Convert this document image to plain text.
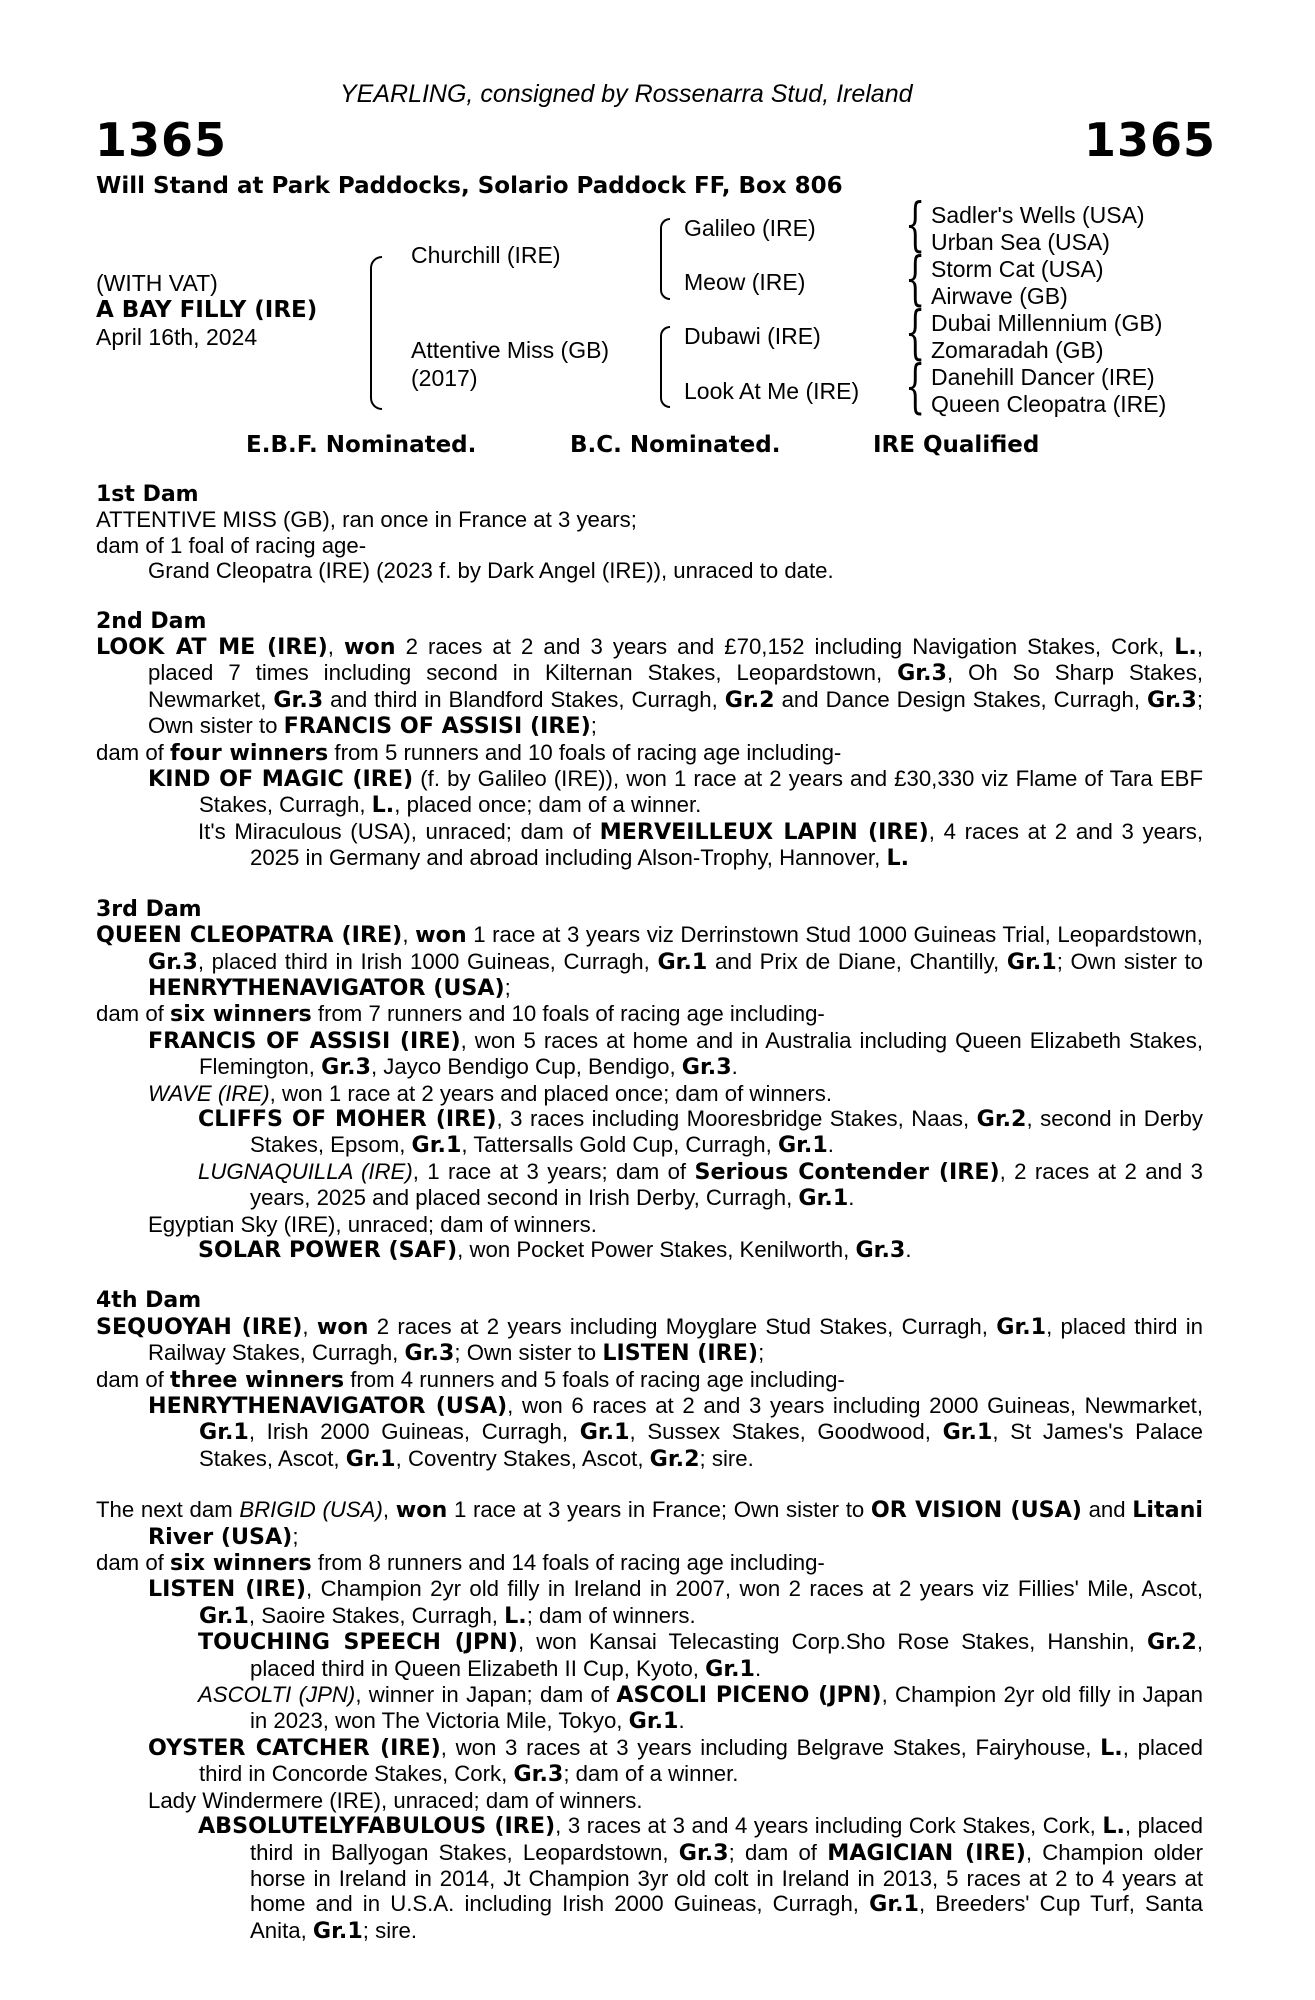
YEARLING, consigned by Rossenarra Stud, Ireland
1365	1365
Will Stand at Park Paddocks, Solario Paddock FF, Box 806
(WITH VAT)
A BAY FILLY (IRE)
April 16th, 2024
Churchill (IRE)
Attentive Miss (GB)
(2017)
Galileo (IRE)
Meow (IRE)
Dubawi (IRE)
Look At Me (IRE)
{
{
{
{
Sadler's Wells (USA)
Urban Sea (USA)
Storm Cat (USA)
Airwave (GB)
Dubai Millennium (GB)
Zomaradah (GB)
Danehill Dancer (IRE)
Queen Cleopatra (IRE)
E.B.F. Nominated.	B.C. Nominated.	IRE Qualified
1st Dam
ATTENTIVE MISS (GB), ran once in France at 3 years;
dam of 1 foal of racing age-
Grand Cleopatra (IRE) (2023 f. by Dark Angel (IRE)), unraced to date.
2nd Dam
LOOK AT ME (IRE), won 2 races at 2 and 3 years and £70,152 including Navigation Stakes, Cork, L., placed 7 times including second in Kilternan Stakes, Leopardstown, Gr.3, Oh So Sharp Stakes, Newmarket, Gr.3 and third in Blandford Stakes, Curragh, Gr.2 and Dance Design Stakes, Curragh, Gr.3; Own sister to FRANCIS OF ASSISI (IRE);
dam of four winners from 5 runners and 10 foals of racing age including-
KIND OF MAGIC (IRE) (f. by Galileo (IRE)), won 1 race at 2 years and £30,330 viz Flame of Tara EBF Stakes, Curragh, L., placed once; dam of a winner.
It's Miraculous (USA), unraced; dam of MERVEILLEUX LAPIN (IRE), 4 races at 2 and 3 years, 2025 in Germany and abroad including Alson-Trophy, Hannover, L.
3rd Dam
QUEEN CLEOPATRA (IRE), won 1 race at 3 years viz Derrinstown Stud 1000 Guineas Trial, Leopardstown, Gr.3, placed third in Irish 1000 Guineas, Curragh, Gr.1 and Prix de Diane, Chantilly, Gr.1; Own sister to HENRYTHENAVIGATOR (USA);
dam of six winners from 7 runners and 10 foals of racing age including-
FRANCIS OF ASSISI (IRE), won 5 races at home and in Australia including Queen Elizabeth Stakes, Flemington, Gr.3, Jayco Bendigo Cup, Bendigo, Gr.3.
WAVE (IRE), won 1 race at 2 years and placed once; dam of winners.
CLIFFS OF MOHER (IRE), 3 races including Mooresbridge Stakes, Naas, Gr.2, second in Derby Stakes, Epsom, Gr.1, Tattersalls Gold Cup, Curragh, Gr.1.
LUGNAQUILLA (IRE), 1 race at 3 years; dam of Serious Contender (IRE), 2 races at 2 and 3 years, 2025 and placed second in Irish Derby, Curragh, Gr.1.
Egyptian Sky (IRE), unraced; dam of winners.
SOLAR POWER (SAF), won Pocket Power Stakes, Kenilworth, Gr.3.
4th Dam
SEQUOYAH (IRE), won 2 races at 2 years including Moyglare Stud Stakes, Curragh, Gr.1, placed third in Railway Stakes, Curragh, Gr.3; Own sister to LISTEN (IRE);
dam of three winners from 4 runners and 5 foals of racing age including-
HENRYTHENAVIGATOR (USA), won 6 races at 2 and 3 years including 2000 Guineas, Newmarket, Gr.1, Irish 2000 Guineas, Curragh, Gr.1, Sussex Stakes, Goodwood, Gr.1, St James's Palace Stakes, Ascot, Gr.1, Coventry Stakes, Ascot, Gr.2; sire.
The next dam BRIGID (USA), won 1 race at 3 years in France; Own sister to OR VISION (USA) and Litani River (USA);
dam of six winners from 8 runners and 14 foals of racing age including-
LISTEN (IRE), Champion 2yr old filly in Ireland in 2007, won 2 races at 2 years viz Fillies' Mile, Ascot, Gr.1, Saoire Stakes, Curragh, L.; dam of winners.
TOUCHING SPEECH (JPN), won Kansai Telecasting Corp.Sho Rose Stakes, Hanshin, Gr.2, placed third in Queen Elizabeth II Cup, Kyoto, Gr.1.
ASCOLTI (JPN), winner in Japan; dam of ASCOLI PICENO (JPN), Champion 2yr old filly in Japan in 2023, won The Victoria Mile, Tokyo, Gr.1.
OYSTER CATCHER (IRE), won 3 races at 3 years including Belgrave Stakes, Fairyhouse, L., placed third in Concorde Stakes, Cork, Gr.3; dam of a winner.
Lady Windermere (IRE), unraced; dam of winners.
ABSOLUTELYFABULOUS (IRE), 3 races at 3 and 4 years including Cork Stakes, Cork, L., placed third in Ballyogan Stakes, Leopardstown, Gr.3; dam of MAGICIAN (IRE), Champion older horse in Ireland in 2014, Jt Champion 3yr old colt in Ireland in 2013, 5 races at 2 to 4 years at home and in U.S.A. including Irish 2000 Guineas, Curragh, Gr.1, Breeders' Cup Turf, Santa Anita, Gr.1; sire.
